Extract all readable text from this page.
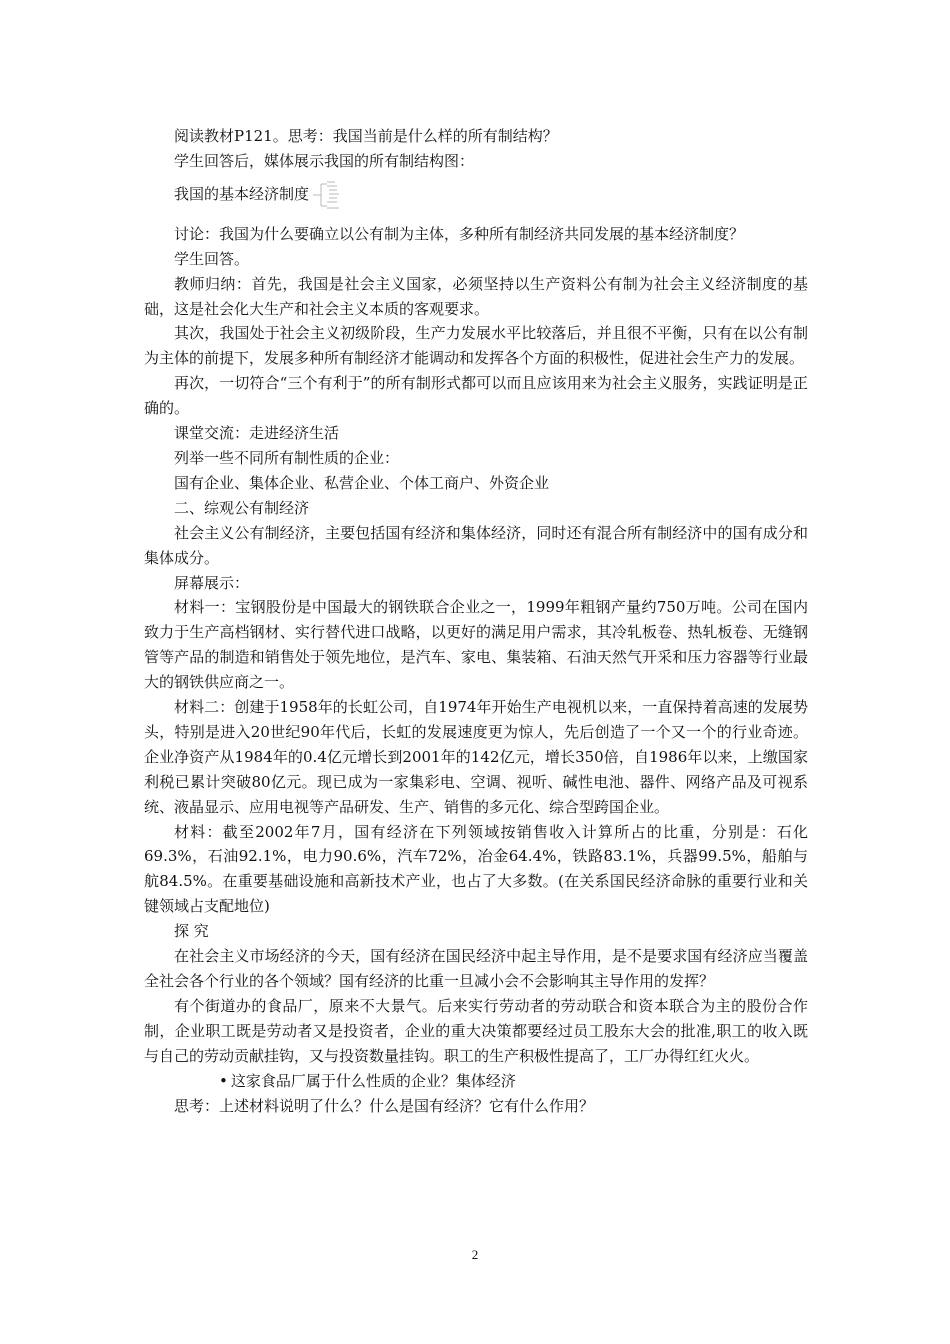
阅读教材P121。思考：我国当前是什么样的所有制结构？

学生回答后，媒体展示我国的所有制结构图：

我国的基本经济制度

讨论：我国为什么要确立以公有制为主体，多种所有制经济共同发展的基本经济制度？

学生回答。

教师归纳：首先，我国是社会主义国家，必须坚持以生产资料公有制为社会主义经济制度的基础，这是社会化大生产和社会主义本质的客观要求。

其次，我国处于社会主义初级阶段，生产力发展水平比较落后，并且很不平衡，只有在以公有制为主体的前提下，发展多种所有制经济才能调动和发挥各个方面的积极性，促进社会生产力的发展。

再次，一切符合“三个有利于”的所有制形式都可以而且应该用来为社会主义服务，实践证明是正确的。

课堂交流：走进经济生活

列举一些不同所有制性质的企业：

国有企业、集体企业、私营企业、个体工商户、外资企业

二、综观公有制经济

社会主义公有制经济，主要包括国有经济和集体经济，同时还有混合所有制经济中的国有成分和集体成分。

屏幕展示：

材料一：宝钢股份是中国最大的钢铁联合企业之一，1999年粗钢产量约750万吨。公司在国内致力于生产高档钢材、实行替代进口战略，以更好的满足用户需求，其冷轧板卷、热轧板卷、无缝钢管等产品的制造和销售处于领先地位，是汽车、家电、集装箱、石油天然气开采和压力容器等行业最大的钢铁供应商之一。

材料二：创建于1958年的长虹公司，自1974年开始生产电视机以来，一直保持着高速的发展势头，特别是进入20世纪90年代后，长虹的发展速度更为惊人，先后创造了一个又一个的行业奇迹。企业净资产从1984年的0.4亿元增长到2001年的142亿元，增长350倍，自1986年以来，上缴国家利税已累计突破80亿元。现已成为一家集彩电、空调、视听、碱性电池、器件、网络产品及可视系统、液晶显示、应用电视等产品研发、生产、销售的多元化、综合型跨国企业。

材料：截至2002年7月，国有经济在下列领域按销售收入计算所占的比重，分别是：石化69.3%，石油92.1%，电力90.6%，汽车72%，冶金64.4%，铁路83.1%，兵器99.5%，船舶与航84.5%。在重要基础设施和高新技术产业，也占了大多数。(在关系国民经济命脉的重要行业和关键领域占支配地位)

探 究

在社会主义市场经济的今天，国有经济在国民经济中起主导作用，是不是要求国有经济应当覆盖全社会各个行业的各个领域？国有经济的比重一旦减小会不会影响其主导作用的发挥？

有个街道办的食品厂，原来不大景气。后来实行劳动者的劳动联合和资本联合为主的股份合作制，企业职工既是劳动者又是投资者，企业的重大决策都要经过员工股东大会的批准,职工的收入既与自己的劳动贡献挂钩，又与投资数量挂钩。职工的生产积极性提高了，工厂办得红红火火。

• 这家食品厂属于什么性质的企业？集体经济

思考：上述材料说明了什么？什么是国有经济？它有什么作用？

2
